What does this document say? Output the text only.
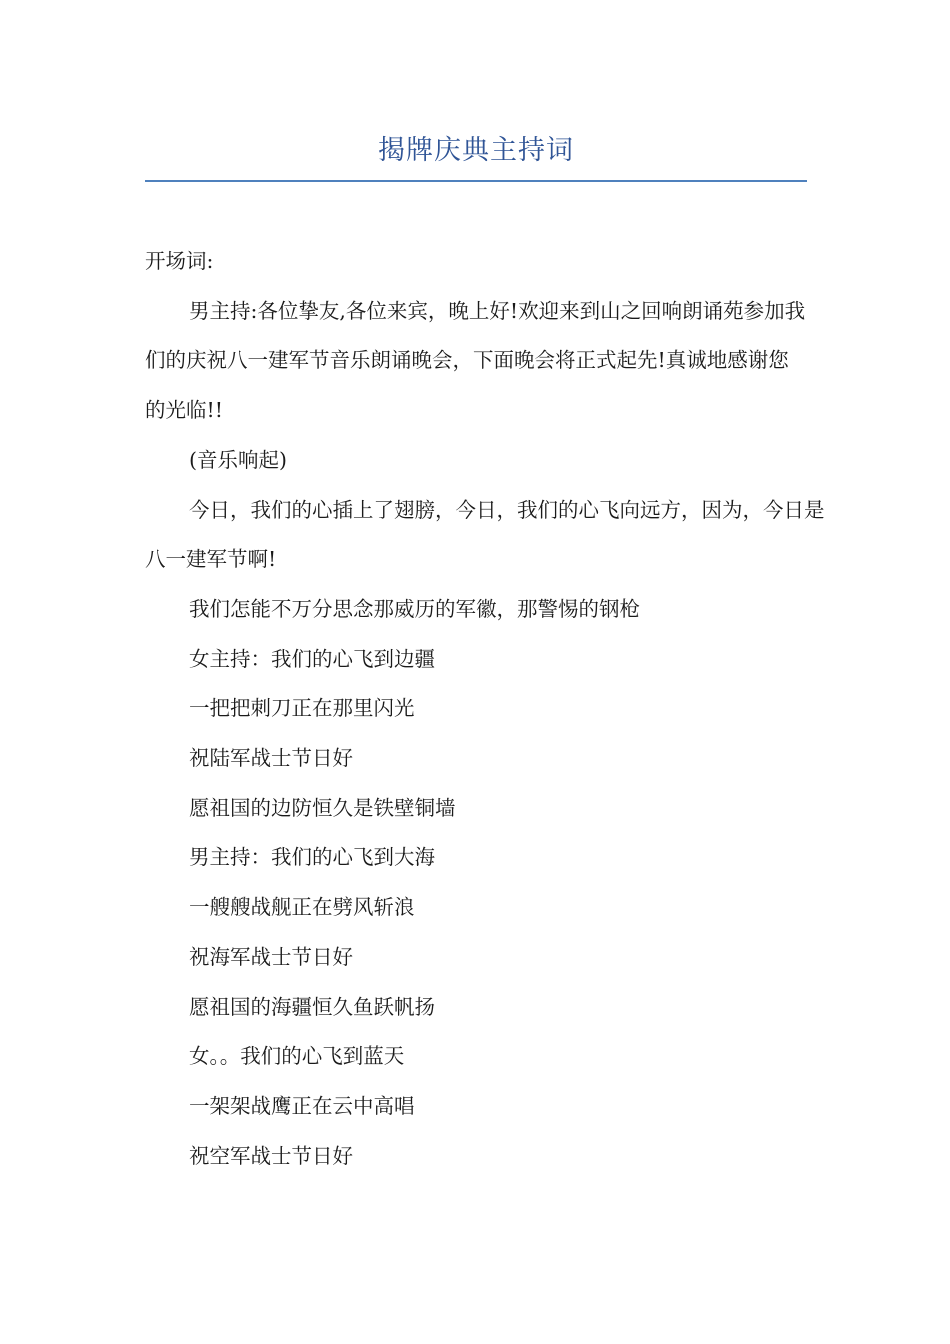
揭牌庆典主持词

开场词:

男主持:各位挚友,各位来宾，晚上好!欢迎来到山之回响朗诵苑参加我们的庆祝八一建军节音乐朗诵晚会，下面晚会将正式起先!真诚地感谢您的光临!!

(音乐响起)

今日，我们的心插上了翅膀，今日，我们的心飞向远方，因为，今日是八一建军节啊!

我们怎能不万分思念那威历的军徽，那警惕的钢枪

女主持：我们的心飞到边疆

一把把刺刀正在那里闪光

祝陆军战士节日好

愿祖国的边防恒久是铁壁铜墙

男主持：我们的心飞到大海

一艘艘战舰正在劈风斩浪

祝海军战士节日好

愿祖国的海疆恒久鱼跃帆扬

女。。我们的心飞到蓝天

一架架战鹰正在云中高唱

祝空军战士节日好
